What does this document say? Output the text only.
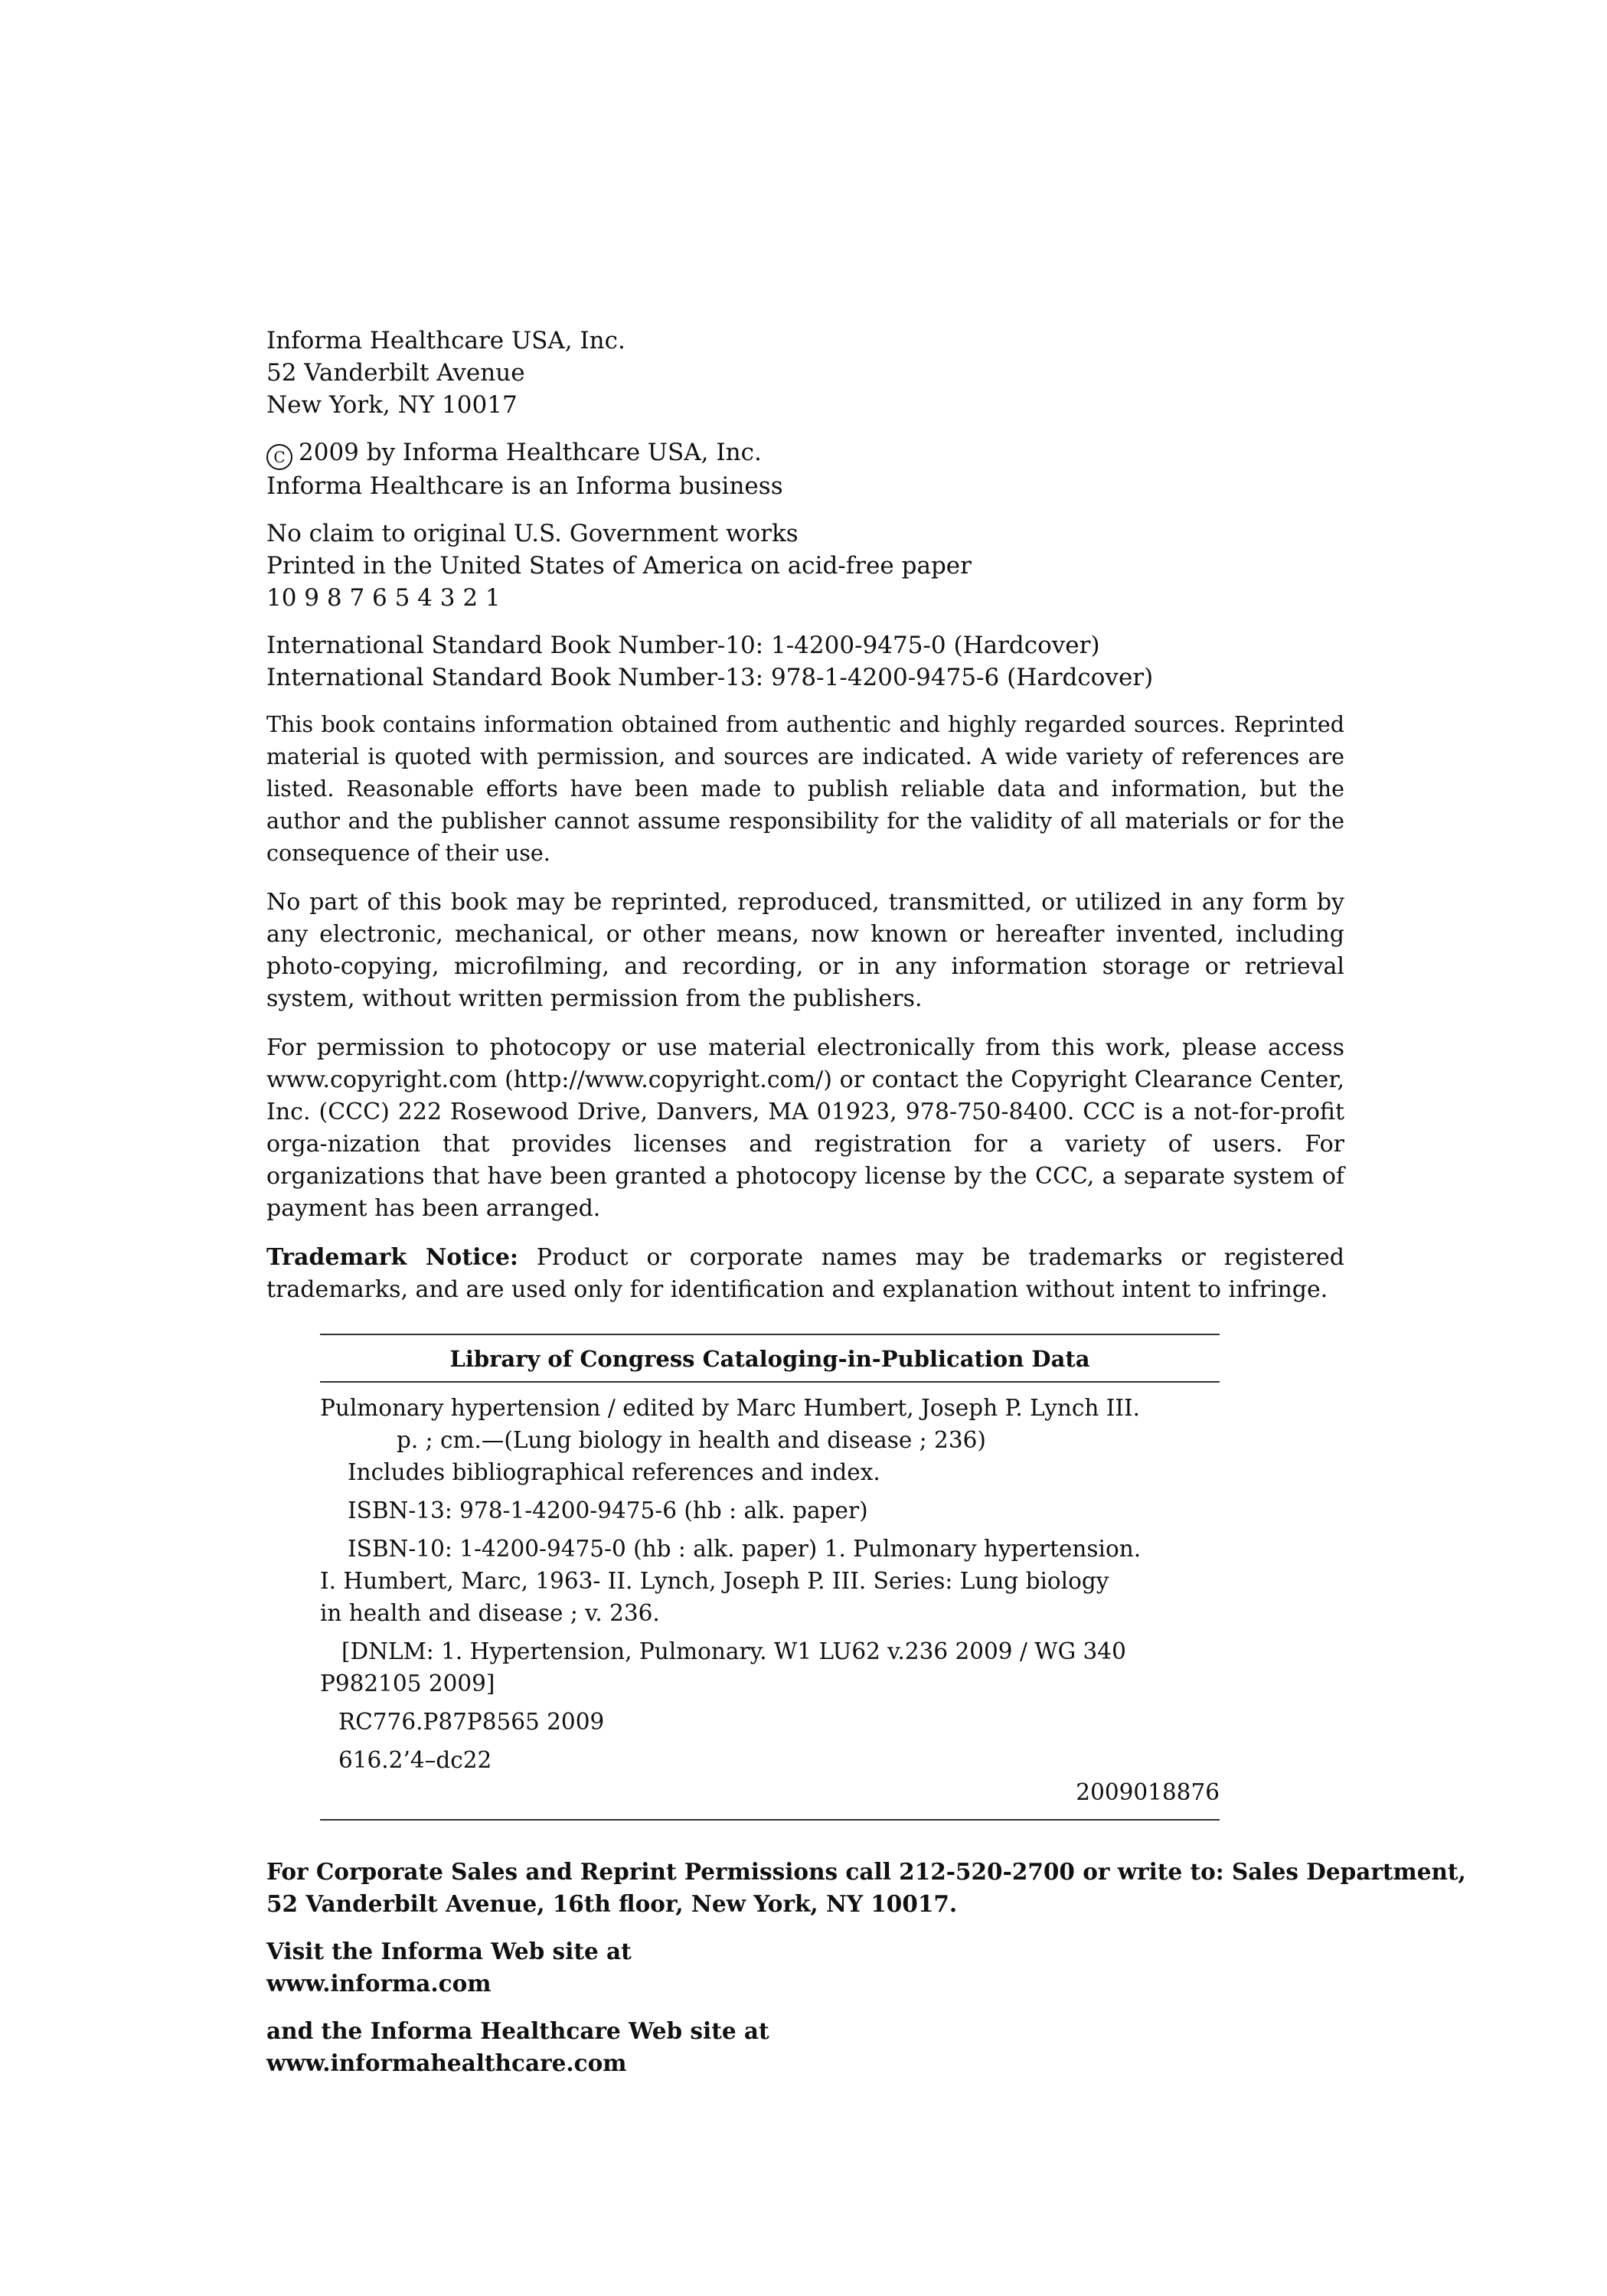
Informa Healthcare USA, Inc.
52 Vanderbilt Avenue
New York, NY 10017
C 2009 by Informa Healthcare USA, Inc.
Informa Healthcare is an Informa business
No claim to original U.S. Government works
Printed in the United States of America on acid-free paper
10 9 8 7 6 5 4 3 2 1
International Standard Book Number-10: 1-4200-9475-0 (Hardcover)
International Standard Book Number-13: 978-1-4200-9475-6 (Hardcover)
This book contains information obtained from authentic and highly regarded sources. Reprinted material is quoted with permission, and sources are indicated. A wide variety of references are listed. Reasonable efforts have been made to publish reliable data and information, but the author and the publisher cannot assume responsibility for the validity of all materials or for the consequence of their use.
No part of this book may be reprinted, reproduced, transmitted, or utilized in any form by any electronic, mechanical, or other means, now known or hereafter invented, including photo-copying, microfilming, and recording, or in any information storage or retrieval system, without written permission from the publishers.
For permission to photocopy or use material electronically from this work, please access www.copyright.com (http://www.copyright.com/) or contact the Copyright Clearance Center, Inc. (CCC) 222 Rosewood Drive, Danvers, MA 01923, 978-750-8400. CCC is a not-for-profit orga-nization that provides licenses and registration for a variety of users. For organizations that have been granted a photocopy license by the CCC, a separate system of payment has been arranged.
Trademark Notice: Product or corporate names may be trademarks or registered trademarks, and are used only for identification and explanation without intent to infringe.
Library of Congress Cataloging-in-Publication Data
Pulmonary hypertension / edited by Marc Humbert, Joseph P. Lynch III.
p. ; cm.—(Lung biology in health and disease ; 236)
Includes bibliographical references and index.
ISBN-13: 978-1-4200-9475-6 (hb : alk. paper)
ISBN-10: 1-4200-9475-0 (hb : alk. paper) 1. Pulmonary hypertension.
I. Humbert, Marc, 1963- II. Lynch, Joseph P. III. Series: Lung biology
in health and disease ; v. 236.
[DNLM: 1. Hypertension, Pulmonary. W1 LU62 v.236 2009 / WG 340
P982105 2009]
RC776.P87P8565 2009
616.2’4–dc22
2009018876
For Corporate Sales and Reprint Permissions call 212-520-2700 or write to: Sales Department,
52 Vanderbilt Avenue, 16th floor, New York, NY 10017.
Visit the Informa Web site at
www.informa.com
and the Informa Healthcare Web site at
www.informahealthcare.com
